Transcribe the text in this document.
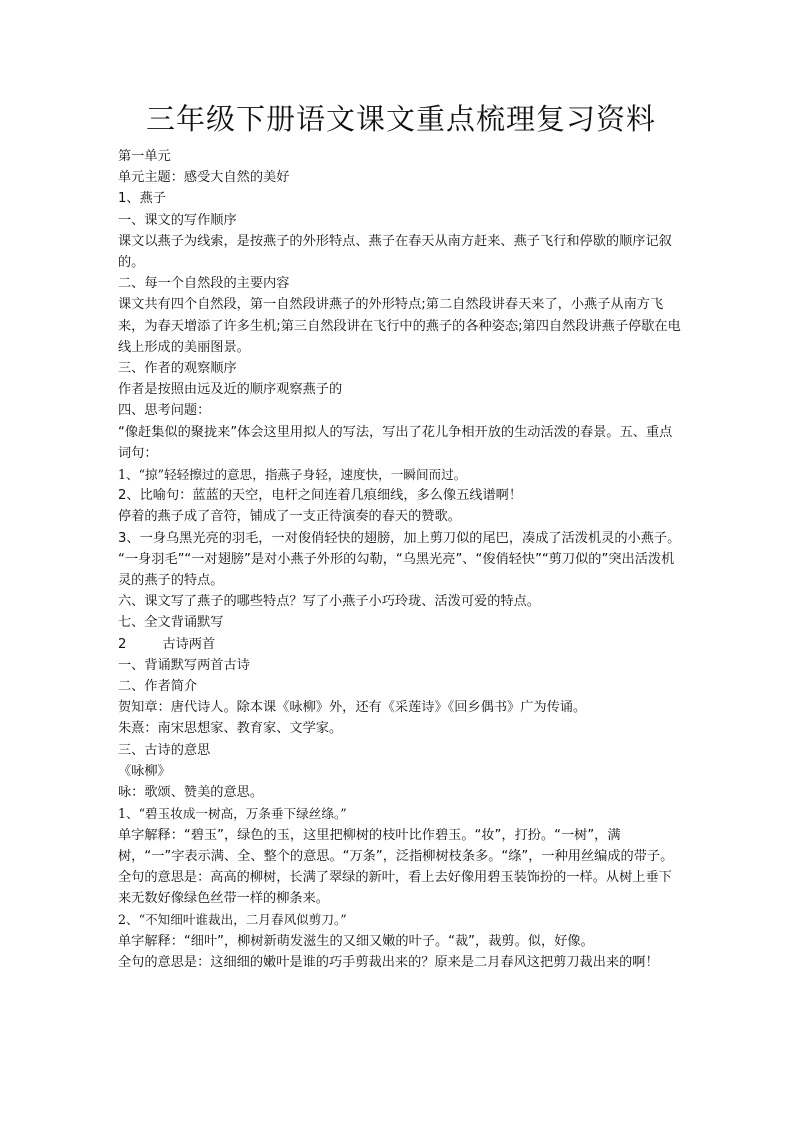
三年级下册语文课文重点梳理复习资料

第一单元

单元主题：感受大自然的美好

1、燕子

一、课文的写作顺序

课文以燕子为线索，是按燕子的外形特点、燕子在春天从南方赶来、燕子飞行和停歇的顺序记叙的。

二、每一个自然段的主要内容

课文共有四个自然段，第一自然段讲燕子的外形特点;第二自然段讲春天来了，小燕子从南方飞来，为春天增添了许多生机;第三自然段讲在飞行中的燕子的各种姿态;第四自然段讲燕子停歇在电线上形成的美丽图景。

三、作者的观察顺序

作者是按照由远及近的顺序观察燕子的

四、思考问题：

“像赶集似的聚拢来”体会这里用拟人的写法，写出了花儿争相开放的生动活泼的春景。五、重点词句：

1、“掠”轻轻擦过的意思，指燕子身轻，速度快，一瞬间而过。

2、比喻句：蓝蓝的天空，电杆之间连着几痕细线，多么像五线谱啊！

停着的燕子成了音符，铺成了一支正待演奏的春天的赞歌。

3、一身乌黑光亮的羽毛，一对俊俏轻快的翅膀，加上剪刀似的尾巴，凑成了活泼机灵的小燕子。

“一身羽毛”“一对翅膀”是对小燕子外形的勾勒，“乌黑光亮”、“俊俏轻快”“剪刀似的”突出活泼机灵的燕子的特点。

六、课文写了燕子的哪些特点？写了小燕子小巧玲珑、活泼可爱的特点。

七、全文背诵默写

2	古诗两首

一、背诵默写两首古诗

二、作者简介

贺知章：唐代诗人。除本课《咏柳》外，还有《采莲诗》《回乡偶书》广为传诵。

朱熹：南宋思想家、教育家、文学家。

三、古诗的意思

《咏柳》

咏：歌颂、赞美的意思。

1、“碧玉妆成一树高，万条垂下绿丝绦。”

单字解释：“碧玉”，绿色的玉，这里把柳树的枝叶比作碧玉。“妆”，打扮。“一树”，满树，“一”字表示满、全、整个的意思。“万条”，泛指柳树枝条多。“绦”，一种用丝编成的带子。

全句的意思是：高高的柳树，长满了翠绿的新叶，看上去好像用碧玉装饰扮的一样。从树上垂下来无数好像绿色丝带一样的柳条来。

2、“不知细叶谁裁出，二月春风似剪刀。”

单字解释：“细叶”，柳树新萌发滋生的又细又嫩的叶子。“裁”，裁剪。似，好像。

全句的意思是：这细细的嫩叶是谁的巧手剪裁出来的？原来是二月春风这把剪刀裁出来的啊！
